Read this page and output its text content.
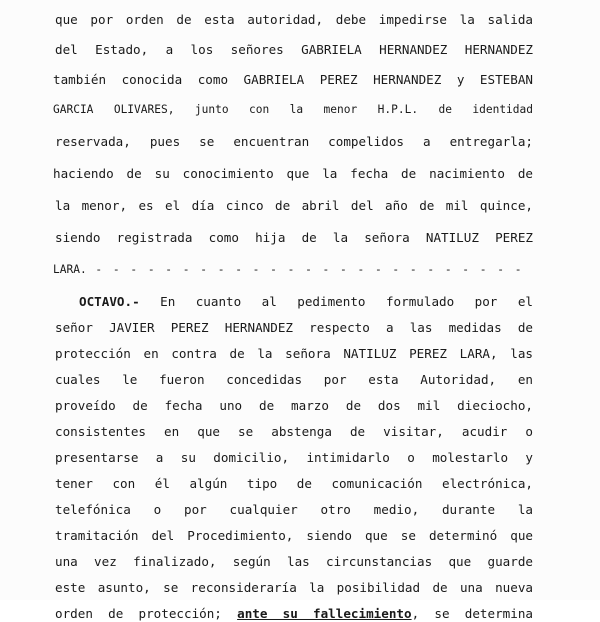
que por orden de esta autoridad, debe impedirse la salida
del Estado, a los señores GABRIELA HERNANDEZ HERNANDEZ
también conocida como GABRIELA PEREZ HERNANDEZ y ESTEBAN
GARCIA OLIVARES, junto con la menor H.P.L. de identidad
reservada, pues se encuentran compelidos a entregarla;
haciendo de su conocimiento que la fecha de nacimiento de
la menor, es el día cinco de abril del año de mil quince,
siendo registrada como hija de la señora NATILUZ PEREZ
LARA. - - - - - - - - - - - - - - - - - - - - - - - - -
OCTAVO.- En cuanto al pedimento formulado por el
señor JAVIER PEREZ HERNANDEZ respecto a las medidas de
protección en contra de la señora NATILUZ PEREZ LARA, las
cuales le fueron concedidas por esta Autoridad, en
proveído de fecha uno de marzo de dos mil dieciocho,
consistentes en que se abstenga de visitar, acudir o
presentarse a su domicilio, intimidarlo o molestarlo y
tener con él algún tipo de comunicación electrónica,
telefónica o por cualquier otro medio, durante la
tramitación del Procedimiento, siendo que se determinó que
una vez finalizado, según las circunstancias que guarde
este asunto, se reconsideraría la posibilidad de una nueva
orden de protección; ante su fallecimiento, se determina
